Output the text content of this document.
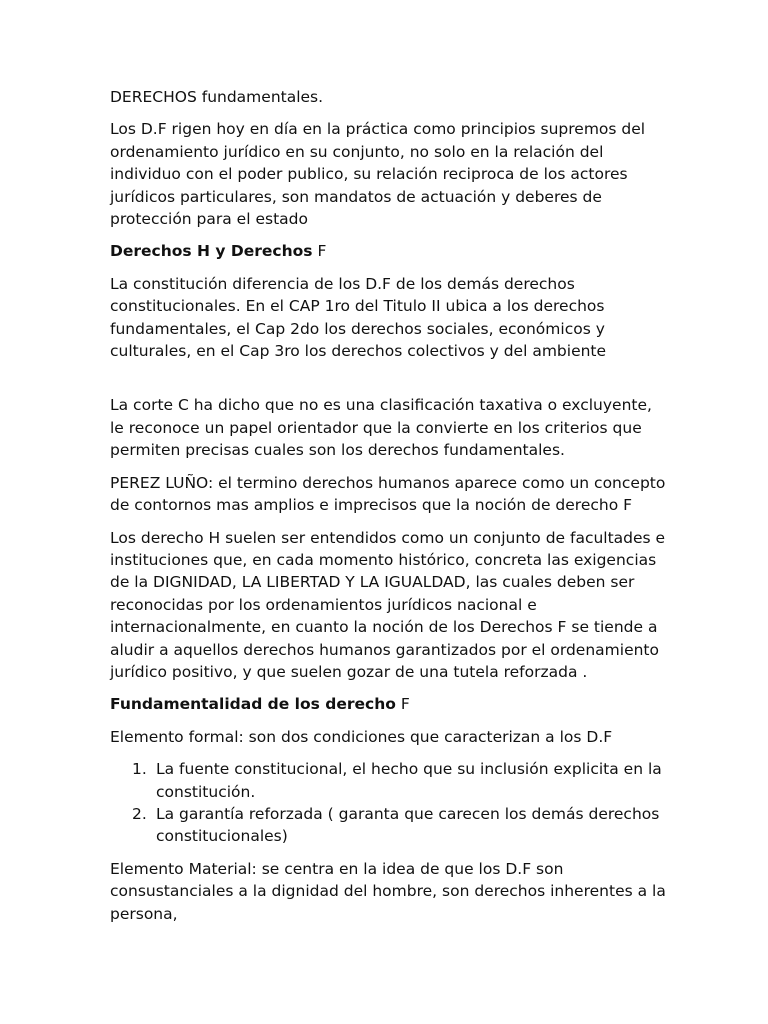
DERECHOS fundamentales.

Los D.F rigen hoy en día en la práctica como principios supremos del ordenamiento jurídico en su conjunto, no solo en la relación del individuo con el poder publico, su relación reciproca de los actores jurídicos particulares, son mandatos de actuación y deberes de protección para el estado

Derechos H y Derechos F

La constitución diferencia de los D.F de los demás derechos constitucionales. En el CAP 1ro del Titulo II ubica a los derechos fundamentales, el Cap 2do los derechos sociales, económicos y culturales, en el Cap 3ro los derechos colectivos y del ambiente

La corte C ha dicho que no es una clasificación taxativa o excluyente, le reconoce un papel orientador que la convierte en los criterios que permiten precisas cuales son los derechos fundamentales.

PEREZ LUÑO: el termino derechos humanos aparece como un concepto de contornos mas amplios e imprecisos que la noción de derecho F

Los derecho H suelen ser entendidos como un conjunto de facultades e instituciones que, en cada momento histórico, concreta las exigencias de la DIGNIDAD, LA LIBERTAD Y LA IGUALDAD, las cuales deben ser reconocidas por los ordenamientos jurídicos nacional e internacionalmente, en cuanto la noción de los Derechos F se tiende a aludir a aquellos derechos humanos garantizados por el ordenamiento jurídico positivo, y que suelen gozar de una tutela reforzada .

Fundamentalidad de los derecho F

Elemento formal: son dos condiciones que caracterizan a los D.F

1. La fuente constitucional, el hecho que su inclusión explicita en la constitución.
2. La garantía reforzada ( garanta que carecen los demás derechos constitucionales)

Elemento Material: se centra en la idea de que los D.F son consustanciales a la dignidad del hombre, son derechos inherentes a la persona,
